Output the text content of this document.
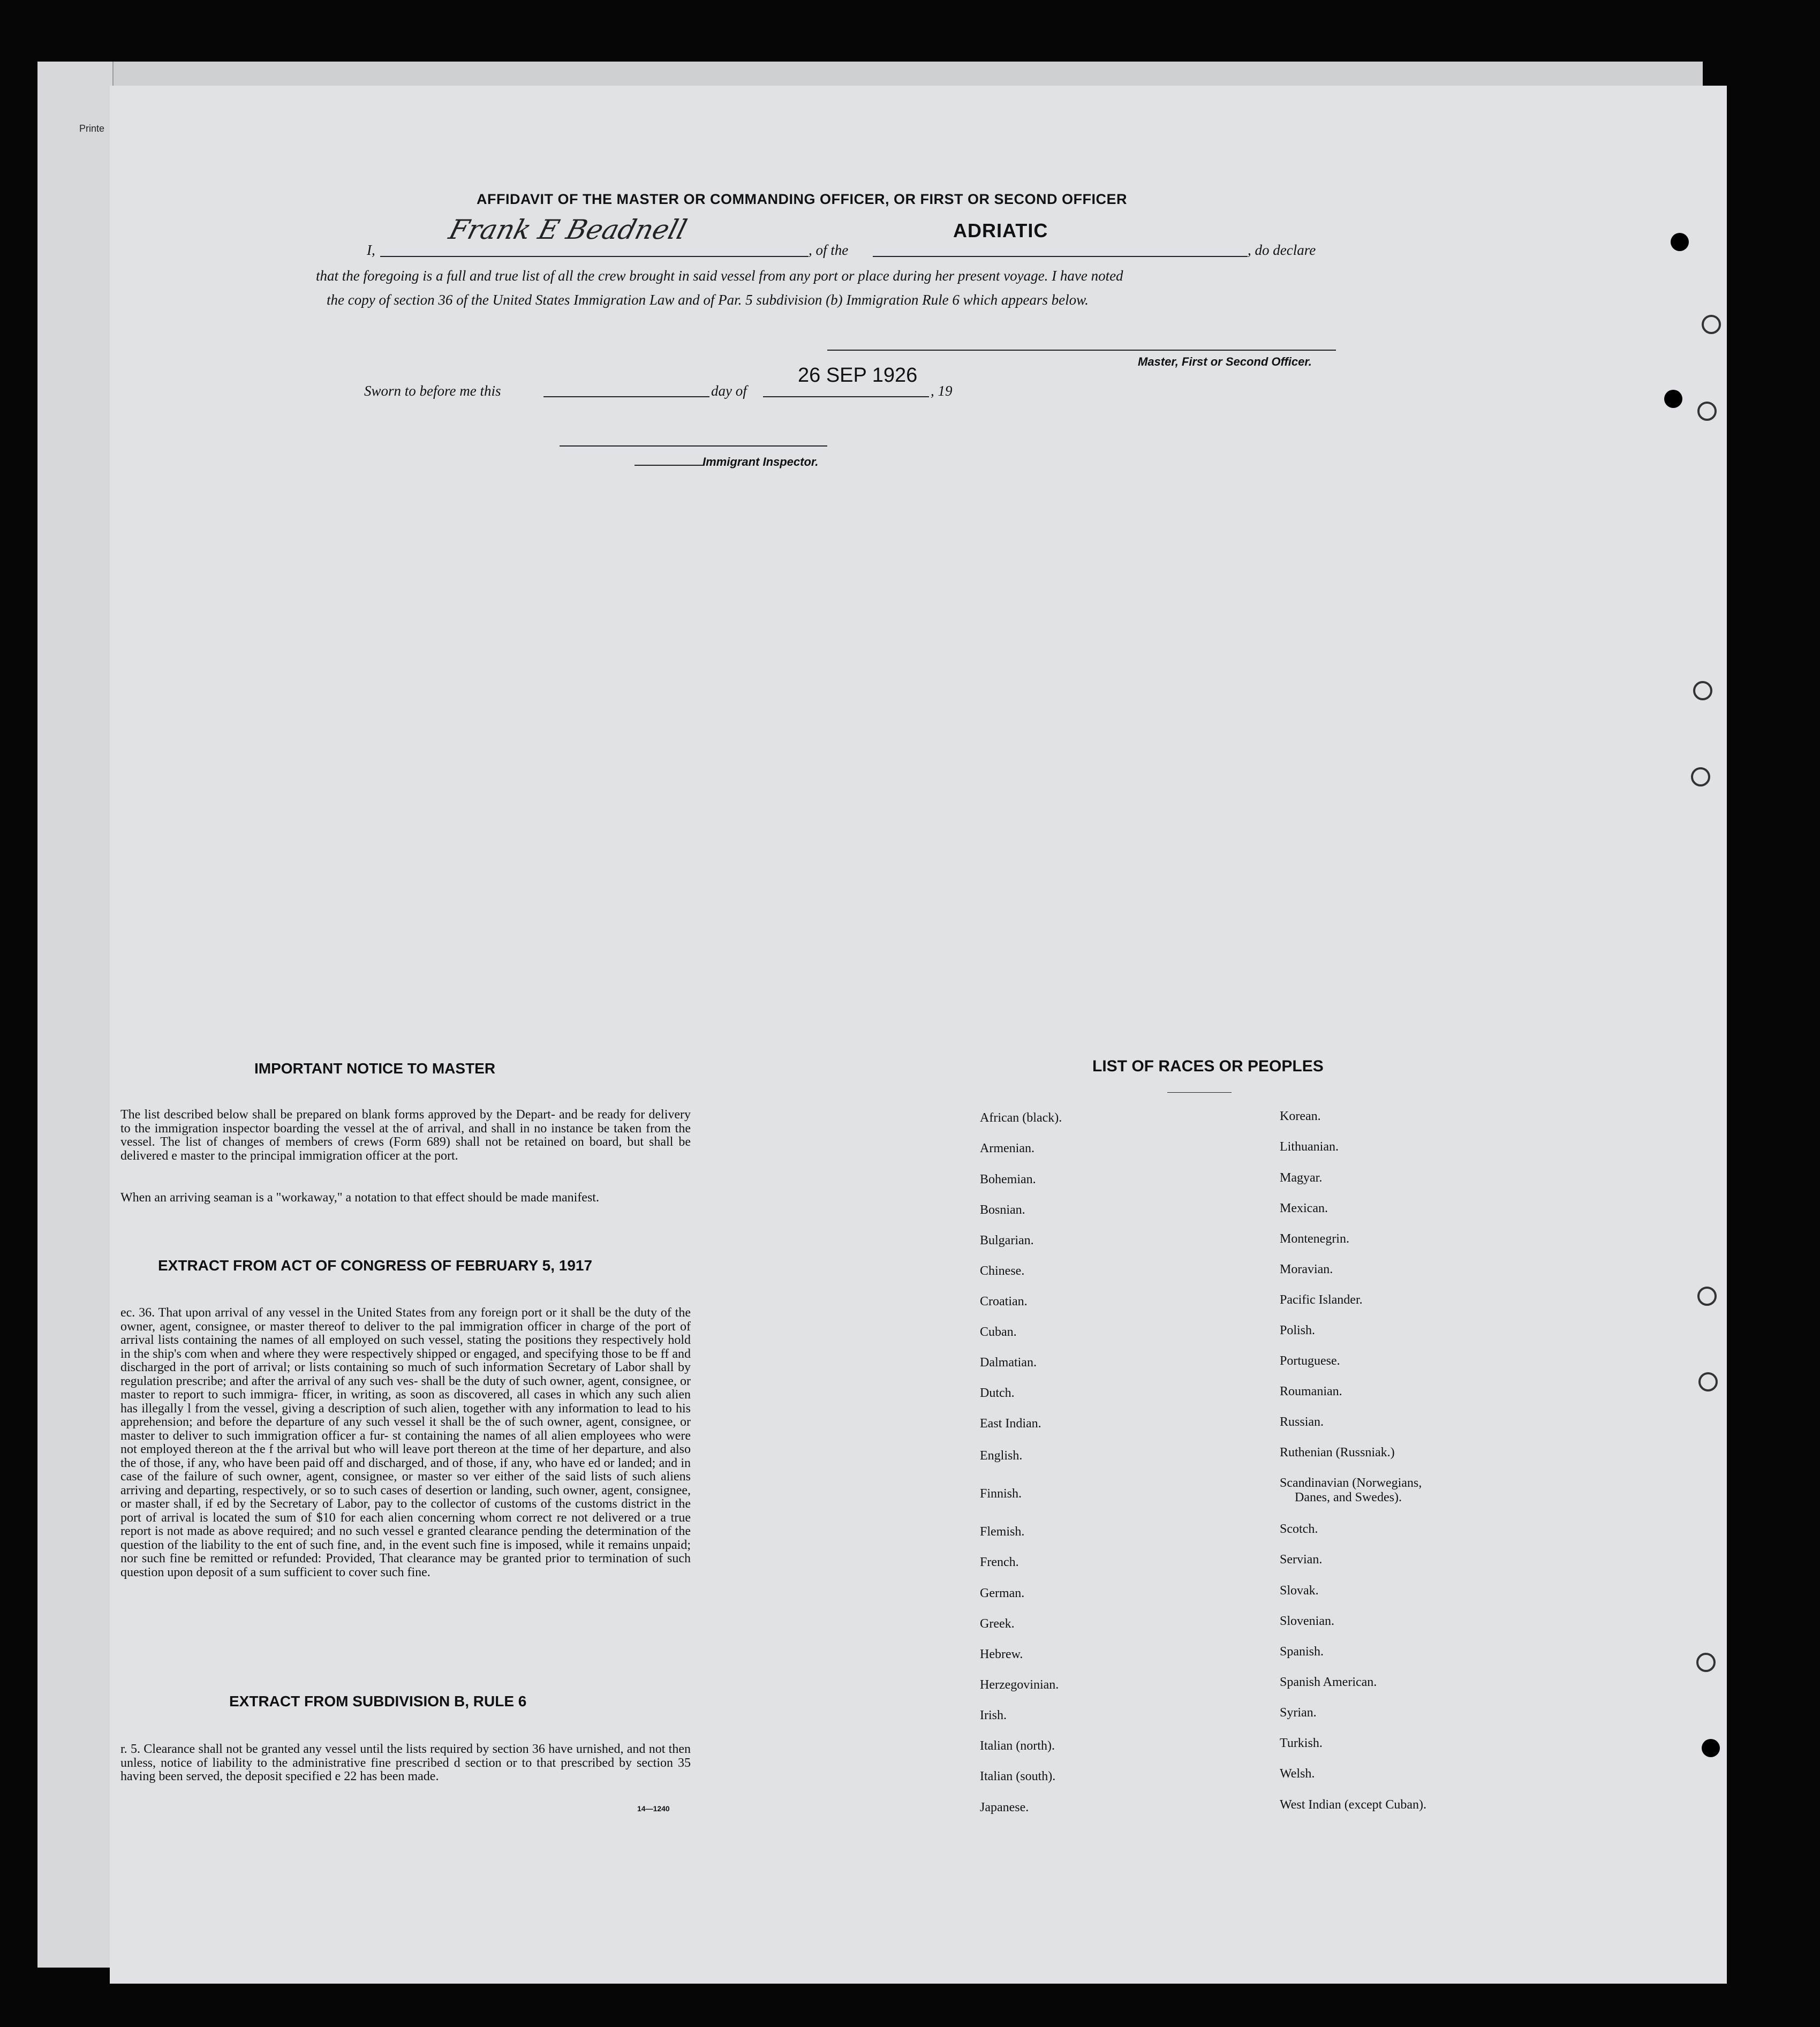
Printe
AFFIDAVIT OF THE MASTER OR COMMANDING OFFICER, OR FIRST OR SECOND OFFICER
I,
Frank E Beadnell
, of the
ADRIATIC
, do declare
that the foregoing is a full and true list of all the crew brought in said vessel from any port or place during her present voyage. I have noted
the copy of section 36 of the United States Immigration Law and of Par. 5 subdivision (b) Immigration Rule 6 which appears below.
Master, First or Second Officer.
Sworn to before me this	day of
26 SEP 1926
, 19
Immigrant Inspector.
IMPORTANT NOTICE TO MASTER
The list described below shall be prepared on blank forms approved by the Depart- and be ready for delivery to the immigration inspector boarding the vessel at the of arrival, and shall in no instance be taken from the vessel. The list of changes of members of crews (Form 689) shall not be retained on board, but shall be delivered e master to the principal immigration officer at the port.
When an arriving seaman is a "workaway," a notation to that effect should be made manifest.
EXTRACT FROM ACT OF CONGRESS OF FEBRUARY 5, 1917
ec. 36. That upon arrival of any vessel in the United States from any foreign port or it shall be the duty of the owner, agent, consignee, or master thereof to deliver to the pal immigration officer in charge of the port of arrival lists containing the names of all employed on such vessel, stating the positions they respectively hold in the ship's com when and where they were respectively shipped or engaged, and specifying those to be ff and discharged in the port of arrival; or lists containing so much of such information Secretary of Labor shall by regulation prescribe; and after the arrival of any such ves- shall be the duty of such owner, agent, consignee, or master to report to such immigra- fficer, in writing, as soon as discovered, all cases in which any such alien has illegally l from the vessel, giving a description of such alien, together with any information to lead to his apprehension; and before the departure of any such vessel it shall be the of such owner, agent, consignee, or master to deliver to such immigration officer a fur- st containing the names of all alien employees who were not employed thereon at the f the arrival but who will leave port thereon at the time of her departure, and also the of those, if any, who have been paid off and discharged, and of those, if any, who have ed or landed; and in case of the failure of such owner, agent, consignee, or master so ver either of the said lists of such aliens arriving and departing, respectively, or so to such cases of desertion or landing, such owner, agent, consignee, or master shall, if ed by the Secretary of Labor, pay to the collector of customs of the customs district in the port of arrival is located the sum of $10 for each alien concerning whom correct re not delivered or a true report is not made as above required; and no such vessel e granted clearance pending the determination of the question of the liability to the ent of such fine, and, in the event such fine is imposed, while it remains unpaid; nor such fine be remitted or refunded: Provided, That clearance may be granted prior to termination of such question upon deposit of a sum sufficient to cover such fine.
EXTRACT FROM SUBDIVISION B, RULE 6
r. 5. Clearance shall not be granted any vessel until the lists required by section 36 have urnished, and not then unless, notice of liability to the administrative fine prescribed d section or to that prescribed by section 35 having been served, the deposit specified e 22 has been made.
14—1240
LIST OF RACES OR PEOPLES
African (black).
Armenian.
Bohemian.
Bosnian.
Bulgarian.
Chinese.
Croatian.
Cuban.
Dalmatian.
Dutch.
East Indian.
English.
Finnish.
Flemish.
French.
German.
Greek.
Hebrew.
Herzegovinian.
Irish.
Italian (north).
Italian (south).
Japanese.
Korean.
Lithuanian.
Magyar.
Mexican.
Montenegrin.
Moravian.
Pacific Islander.
Polish.
Portuguese.
Roumanian.
Russian.
Ruthenian (Russniak.)
Scandinavian (Norwegians,
Danes, and Swedes).
Scotch.
Servian.
Slovak.
Slovenian.
Spanish.
Spanish American.
Syrian.
Turkish.
Welsh.
West Indian (except Cuban).
